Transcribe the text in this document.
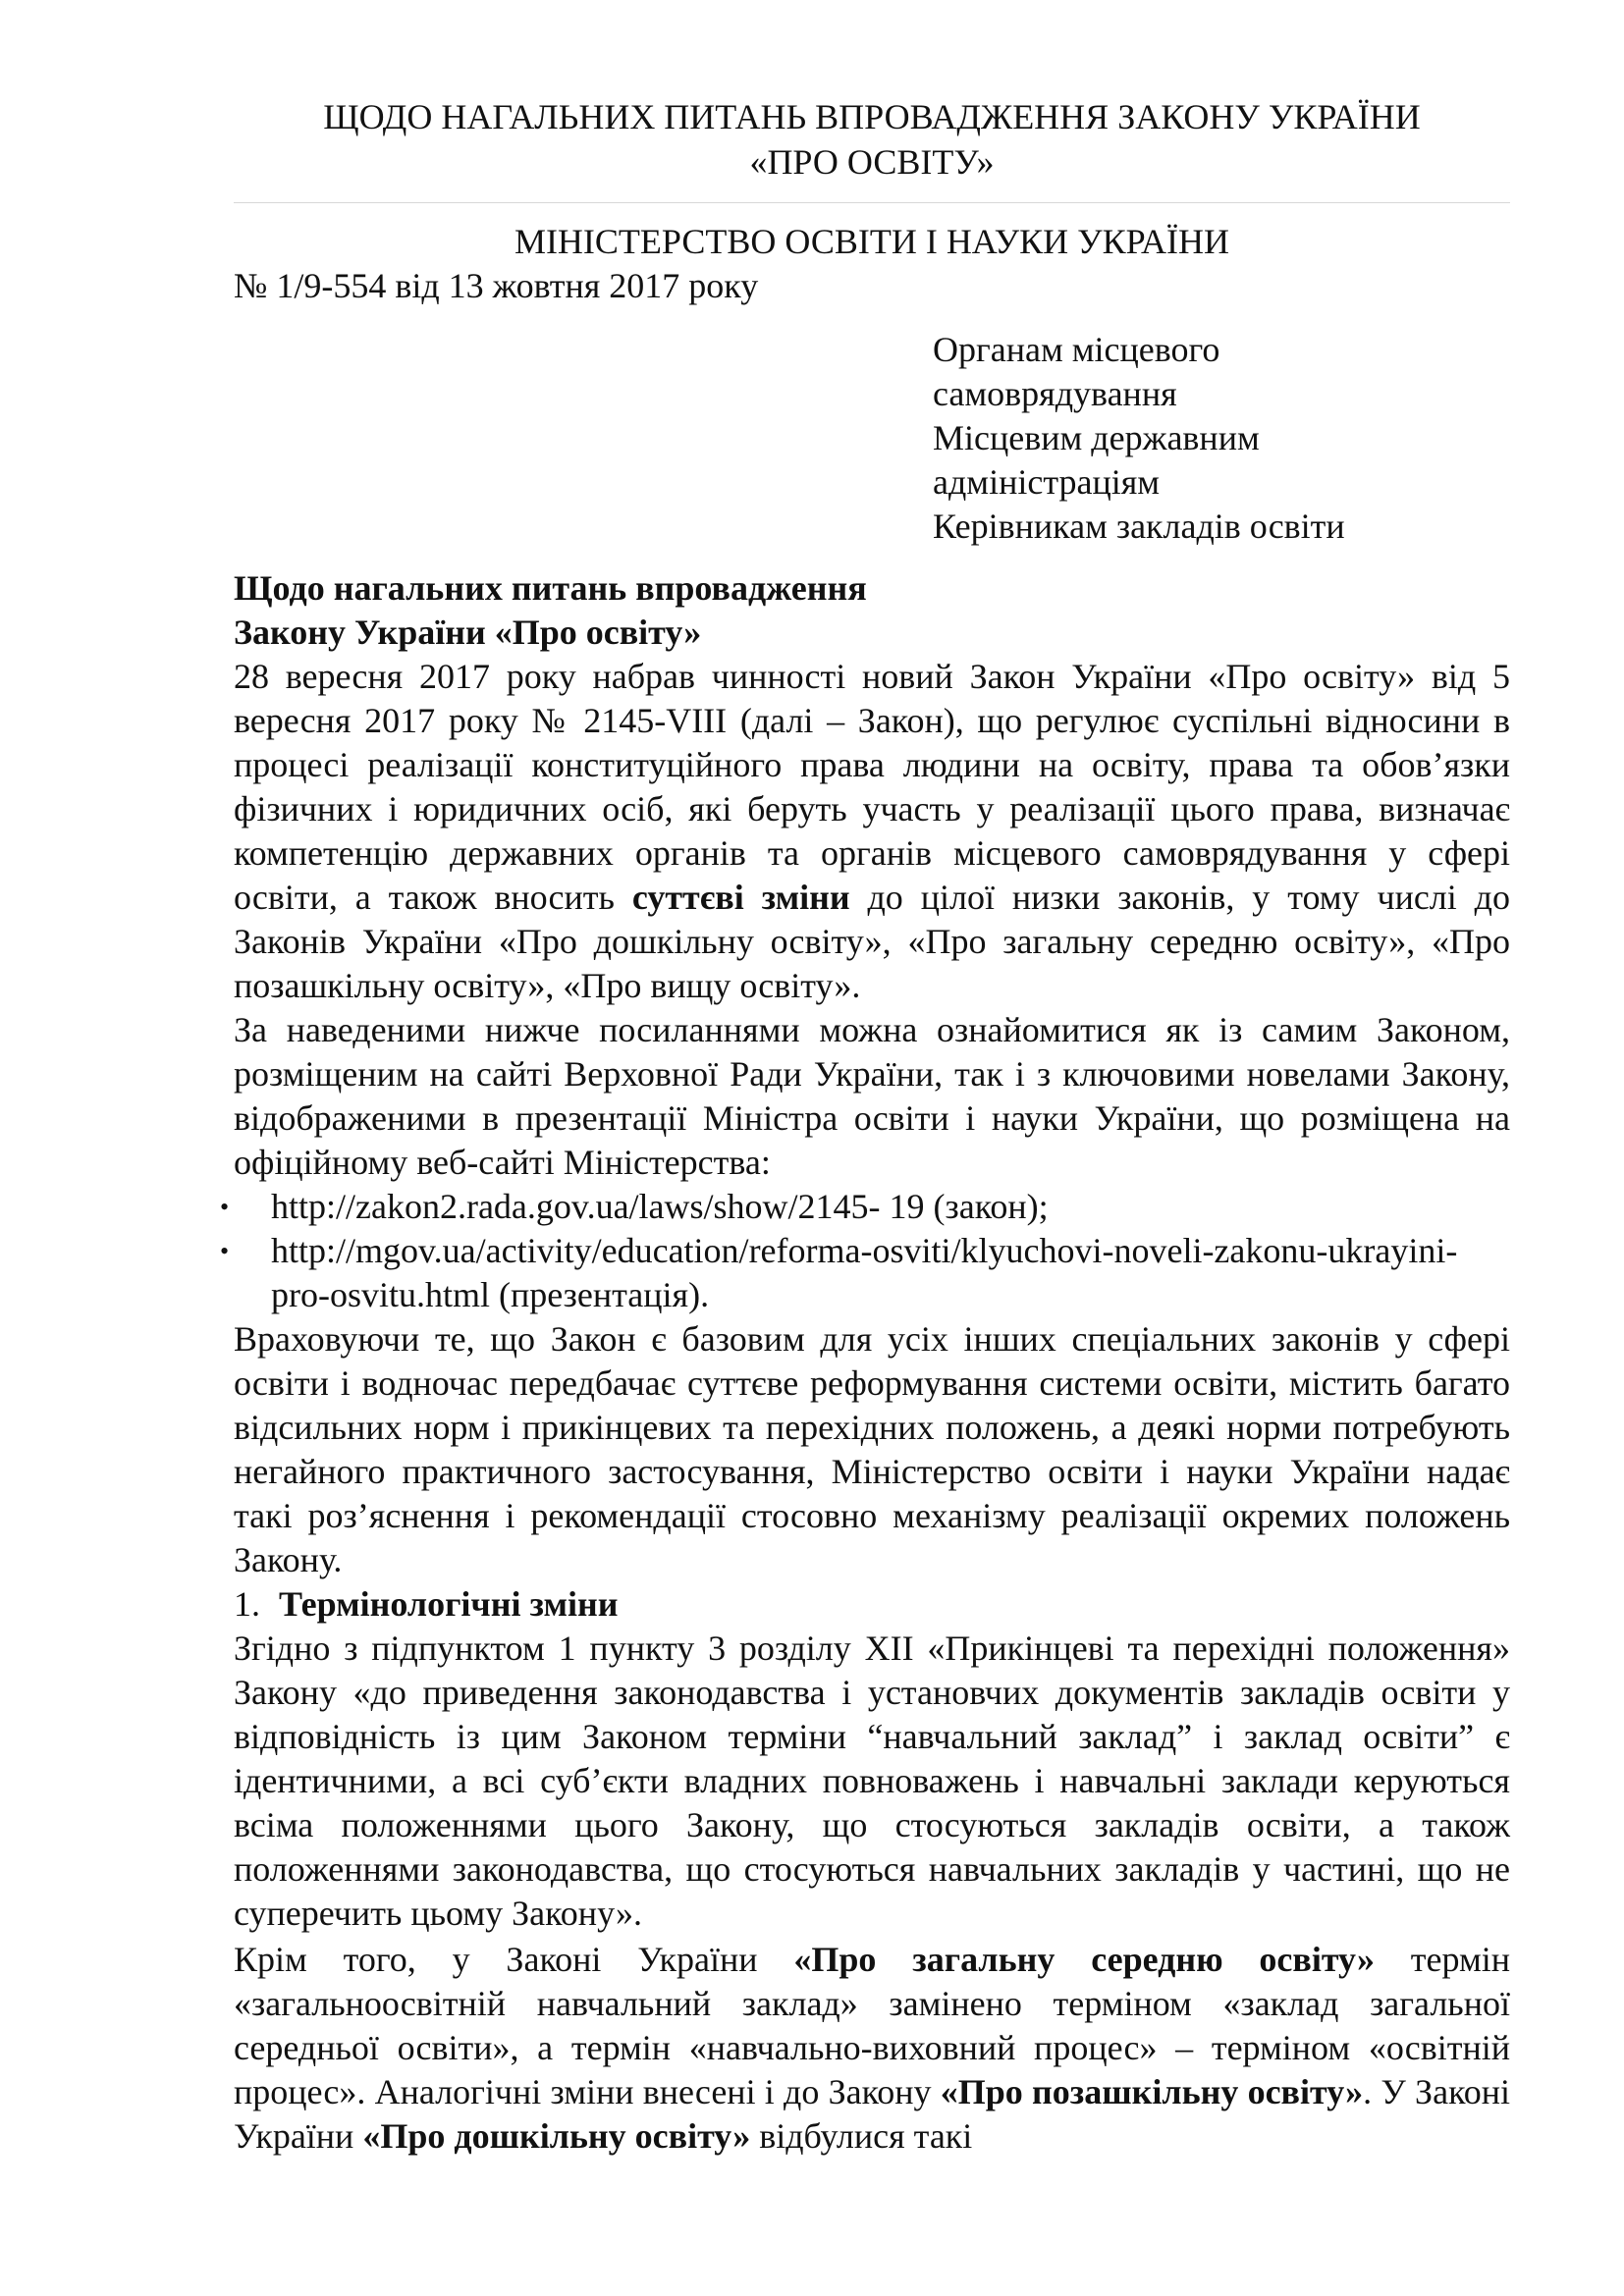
ЩОДО НАГАЛЬНИХ ПИТАНЬ ВПРОВАДЖЕННЯ ЗАКОНУ УКРАЇНИ
«ПРО ОСВІТУ»
МІНІСТЕРСТВО ОСВІТИ І НАУКИ УКРАЇНИ
№ 1/9-554 від 13 жовтня 2017 року
Органам місцевого
самоврядування
Місцевим державним
адміністраціям
Керівникам закладів освіти
Щодо нагальних питань впровадження
Закону України «Про освіту»

28 вересня 2017 року набрав чинності новий Закон України «Про освіту» від 5 вересня 2017 року № 2145-VIII (далі – Закон), що регулює суспільні відносини в процесі реалізації конституційного права людини на освіту, права та обов’язки фізичних і юридичних осіб, які беруть участь у реалізації цього права, визначає компетенцію державних органів та органів місцевого самоврядування у сфері освіти, а також вносить суттєві зміни до цілої низки законів, у тому числі до Законів України «Про дошкільну освіту», «Про загальну середню освіту», «Про позашкільну освіту», «Про вищу освіту».

За наведеними нижче посиланнями можна ознайомитися як із самим Законом, розміщеним на сайті Верховної Ради України, так і з ключовими новелами Закону, відображеними в презентації Міністра освіти і науки України, що розміщена на офіційному веб-сайті Міністерства:

• http://zakon2.rada.gov.ua/laws/show/2145- 19 (закон);
• http://mgov.ua/activity/education/reforma-osviti/klyuchovi-noveli-zakonu-ukrayini-pro-osvitu.html (презентація).

Враховуючи те, що Закон є базовим для усіх інших спеціальних законів у сфері освіти і водночас передбачає суттєве реформування системи освіти, містить багато відсильних норм і прикінцевих та перехідних положень, а деякі норми потребують негайного практичного застосування, Міністерство освіти і науки України надає такі роз’яснення і рекомендації стосовно механізму реалізації окремих положень Закону.

1. Термінологічні зміни

Згідно з підпунктом 1 пункту 3 розділу XII «Прикінцеві та перехідні положення» Закону «до приведення законодавства і установчих документів закладів освіти у відповідність із цим Законом терміни “навчальний заклад” і заклад освіти” є ідентичними, а всі суб’єкти владних повноважень і навчальні заклади керуються всіма положеннями цього Закону, що стосуються закладів освіти, а також положеннями законодавства, що стосуються навчальних закладів у частині, що не суперечить цьому Закону».

Крім того, у Законі України «Про загальну середню освіту» термін «загальноосвітній навчальний заклад» замінено терміном «заклад загальної середньої освіти», а термін «навчально-виховний процес» – терміном «освітній процес». Аналогічні зміни внесені і до Закону «Про позашкільну освіту». У Законі України «Про дошкільну освіту» відбулися такі
